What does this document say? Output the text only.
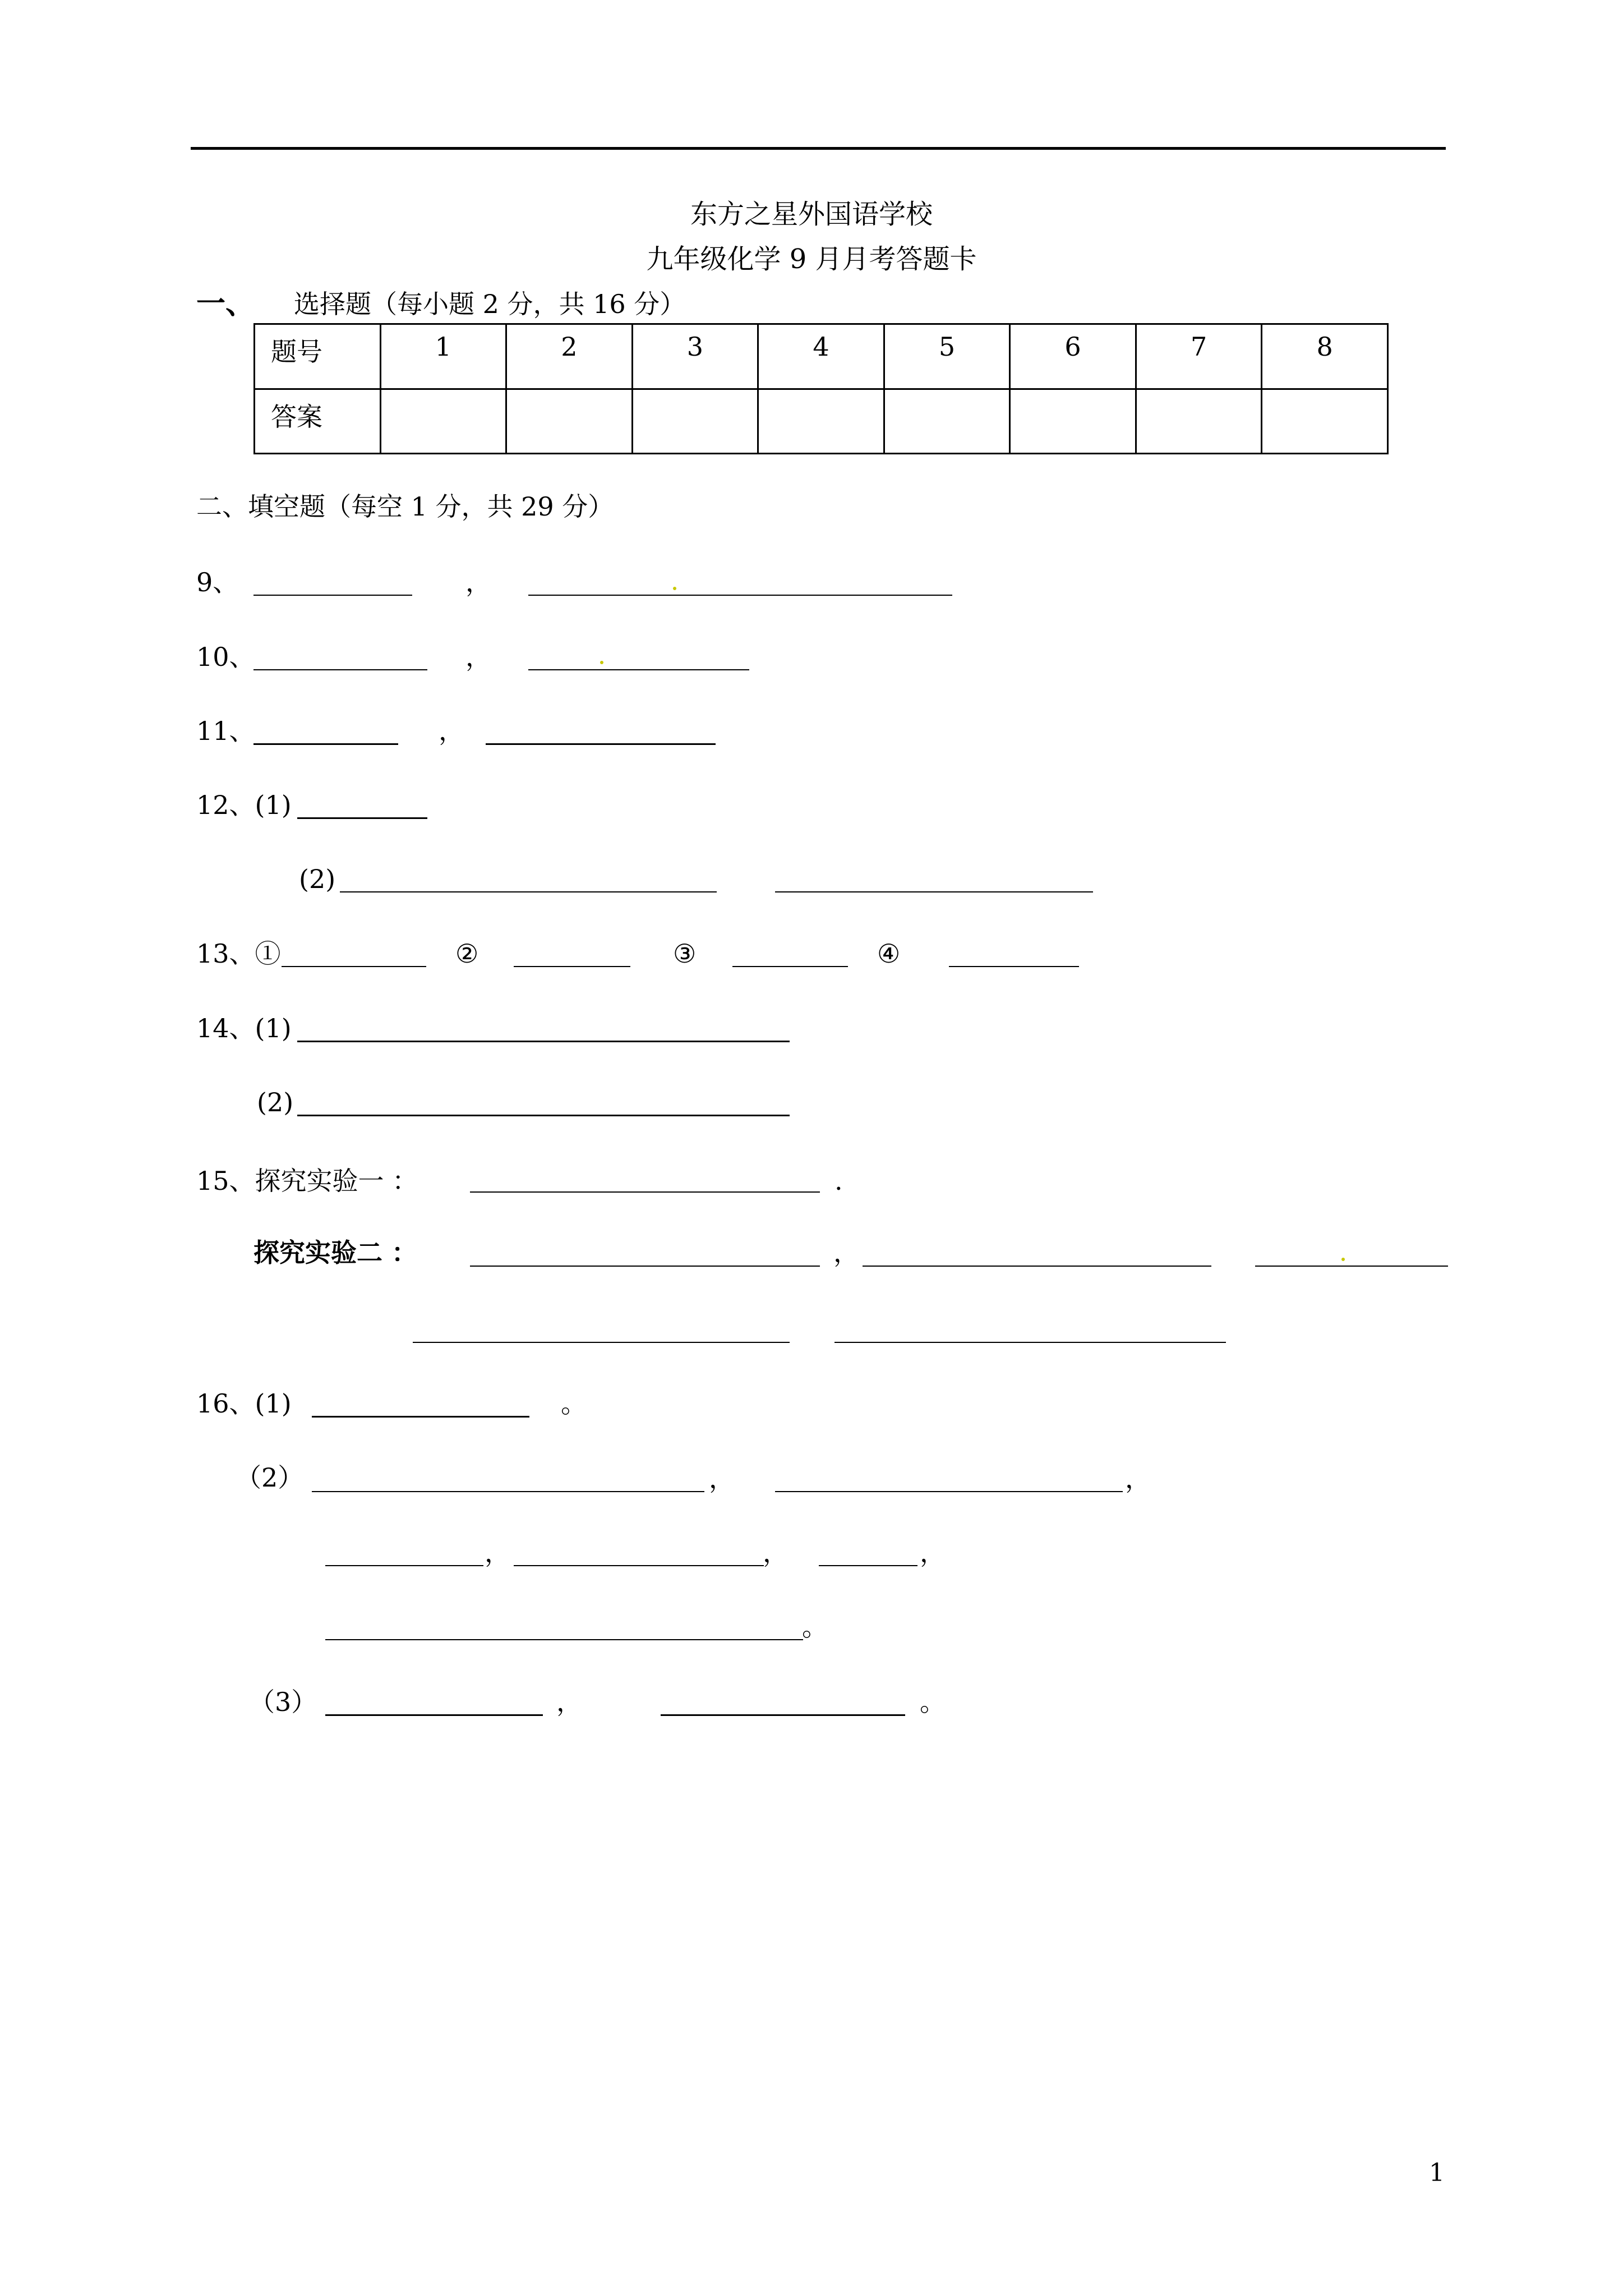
东方之星外国语学校
九年级化学 9 月月考答题卡
一、 选择题（每小题 2 分，共 16 分）
题号	1	2	3	4	5	6	7	8
答案								
二、填空题（每空 1 分，共 29 分）
9、	，
10、	，
11、	，
12、(1)
(2)
13、①	②	③	④
14、(1)
(2)
15、探究实验一 ：	.
探究实验二 ：	，
16、(1)	。
（2）	，	，
，	，	，
。
（3）	，	。
1
